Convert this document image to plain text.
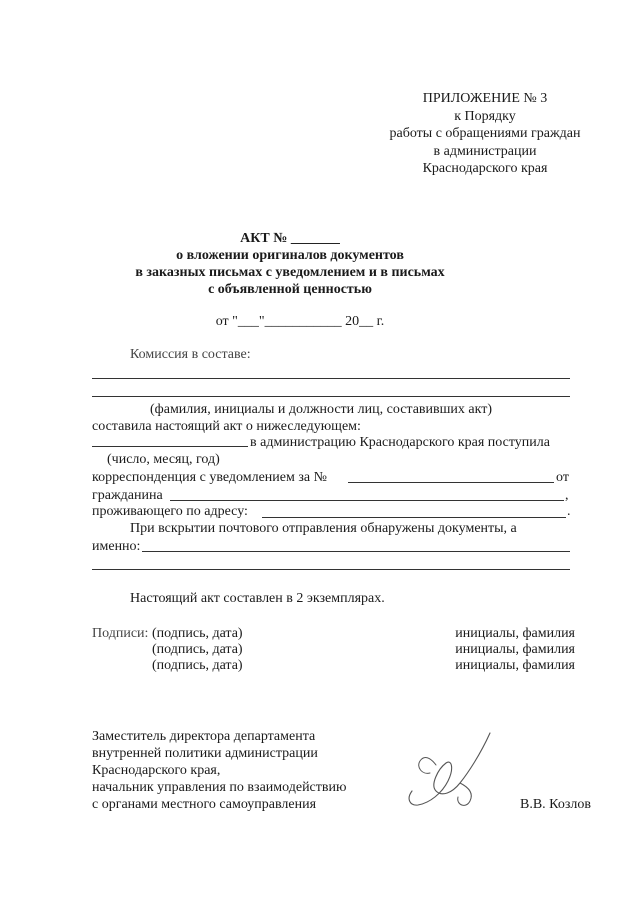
ПРИЛОЖЕНИЕ № 3
к Порядку
работы с обращениями граждан
в администрации
Краснодарского края
АКТ № _______
о вложении оригиналов документов
в заказных письмах с уведомлением и в письмах
с объявленной ценностью
от "___"___________ 20__ г.
Комиссия в составе:
(фамилия, инициалы и должности лиц, составивших акт)
составила настоящий акт о нижеследующем:
в администрацию Краснодарского края поступила
(число, месяц, год)
корреспонденция с уведомлением за №	от
гражданина	,
проживающего по адресу:	.
При вскрытии почтового отправления обнаружены документы, а
именно:
Настоящий акт составлен в 2 экземплярах.
Подписи: (подпись, дата)	инициалы, фамилия
(подпись, дата)	инициалы, фамилия
(подпись, дата)	инициалы, фамилия
Заместитель директора департамента
внутренней политики администрации
Краснодарского края,
начальник управления по взаимодействию
с органами местного самоуправления	В.В. Козлов
